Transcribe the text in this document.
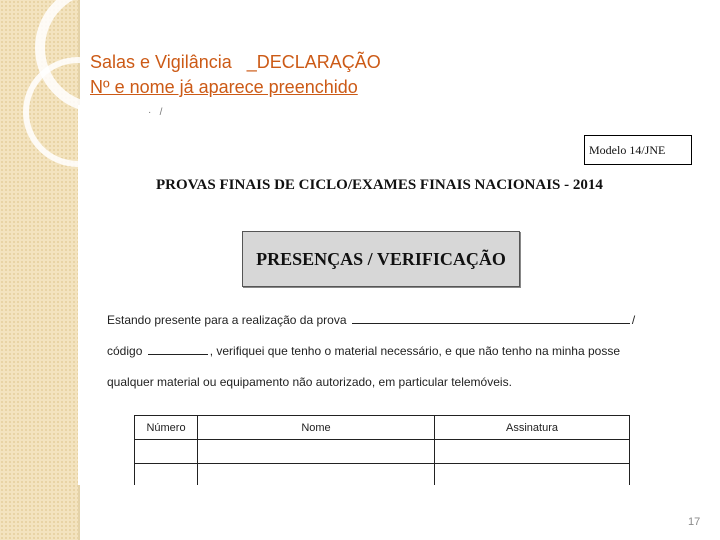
Salas e Vigilância   _DECLARAÇÃO
Nº e nome já aparece preenchido
·   /
Modelo 14/JNE
PROVAS FINAIS DE CICLO/EXAMES FINAIS NACIONAIS - 2014
PRESENÇAS / VERIFICAÇÃO
Estando presente para a realização da prova	/
código	, verifiquei que tenho o material necessário, e que não tenho na minha posse
qualquer material ou equipamento não autorizado, em particular telemóveis.
Número	Nome	Assinatura

17
